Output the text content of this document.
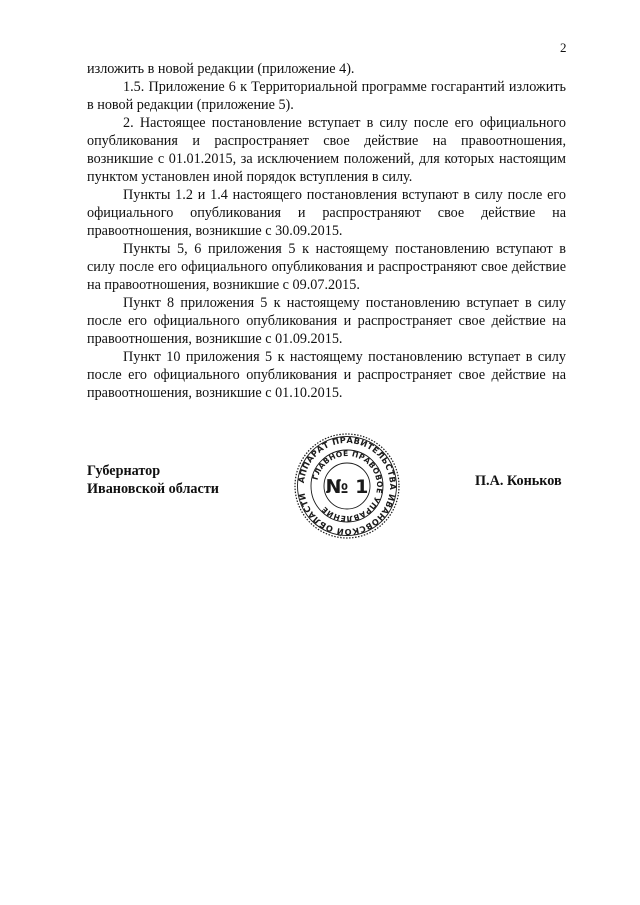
2

изложить в новой редакции (приложение 4).

1.5. Приложение 6 к Территориальной программе госгарантий изложить в новой редакции (приложение 5).

2. Настоящее постановление вступает в силу после его официального опубликования и распространяет свое действие на правоотношения, возникшие с 01.01.2015, за исключением положений, для которых настоящим пунктом установлен иной порядок вступления в силу.

Пункты 1.2 и 1.4 настоящего постановления вступают в силу после его официального опубликования и распространяют свое действие на правоотношения, возникшие с 30.09.2015.

Пункты 5, 6 приложения 5 к настоящему постановлению вступают в силу после его официального опубликования и распространяют свое действие на правоотношения, возникшие с 09.07.2015.

Пункт 8 приложения 5 к настоящему постановлению вступает в силу после его официального опубликования и распространяет свое действие на правоотношения, возникшие с 01.09.2015.

Пункт 10 приложения 5 к настоящему постановлению вступает в силу после его официального опубликования и распространяет свое действие на правоотношения, возникшие с 01.10.2015.

Губернатор
Ивановской области
АППАРАТ ПРАВИТЕЛЬСТВА ИВАНОВСКОЙ ОБЛАСТИ
ГЛАВНОЕ ПРАВОВОЕ УПРАВЛЕНИЕ
№ 1	П.А. Коньков
